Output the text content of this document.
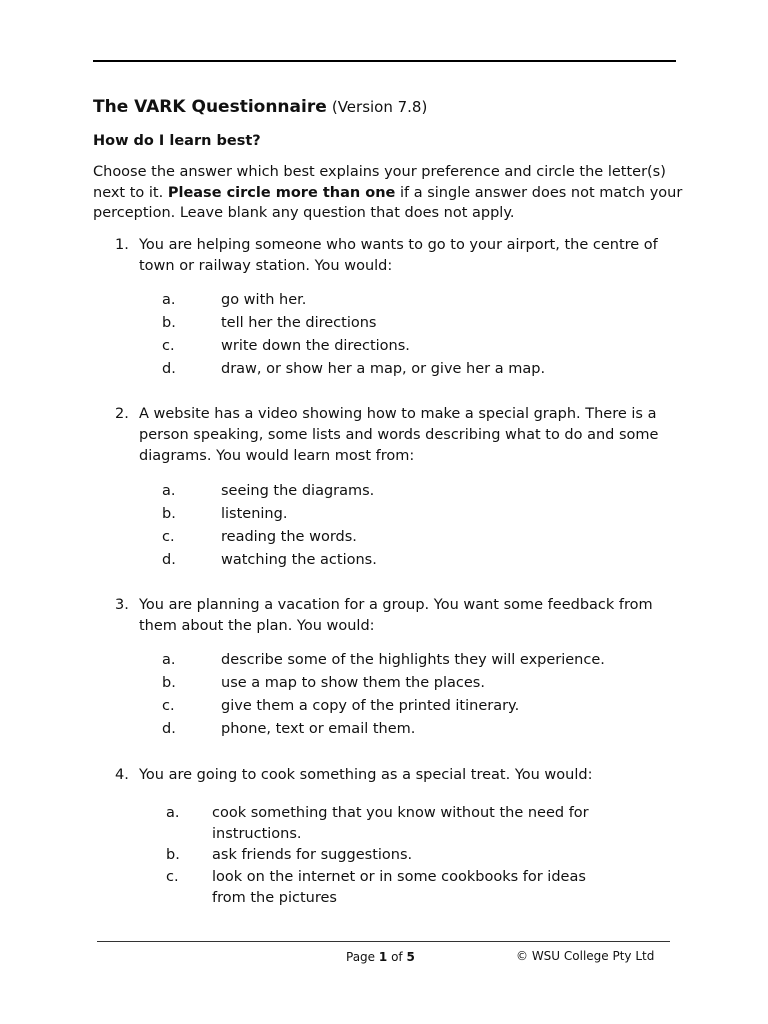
The VARK Questionnaire (Version 7.8)
How do I learn best?
Choose the answer which best explains your preference and circle the letter(s) next to it. Please circle more than one if a single answer does not match your perception. Leave blank any question that does not apply.
1. You are helping someone who wants to go to your airport, the centre of town or railway station. You would:
a.	go with her.
b.	tell her the directions
c.	write down the directions.
d.	draw, or show her a map, or give her a map.
2. A website has a video showing how to make a special graph. There is a person speaking, some lists and words describing what to do and some diagrams. You would learn most from:
a.	seeing the diagrams.
b.	listening.
c.	reading the words.
d.	watching the actions.
3. You are planning a vacation for a group. You want some feedback from them about the plan. You would:
a.	describe some of the highlights they will experience.
b.	use a map to show them the places.
c.	give them a copy of the printed itinerary.
d.	phone, text or email them.
4. You are going to cook something as a special treat. You would:
a. cook something that you know without the need for instructions.
b. ask friends for suggestions.
c. look on the internet or in some cookbooks for ideas from the pictures
Page 1 of 5	© WSU College Pty Ltd
